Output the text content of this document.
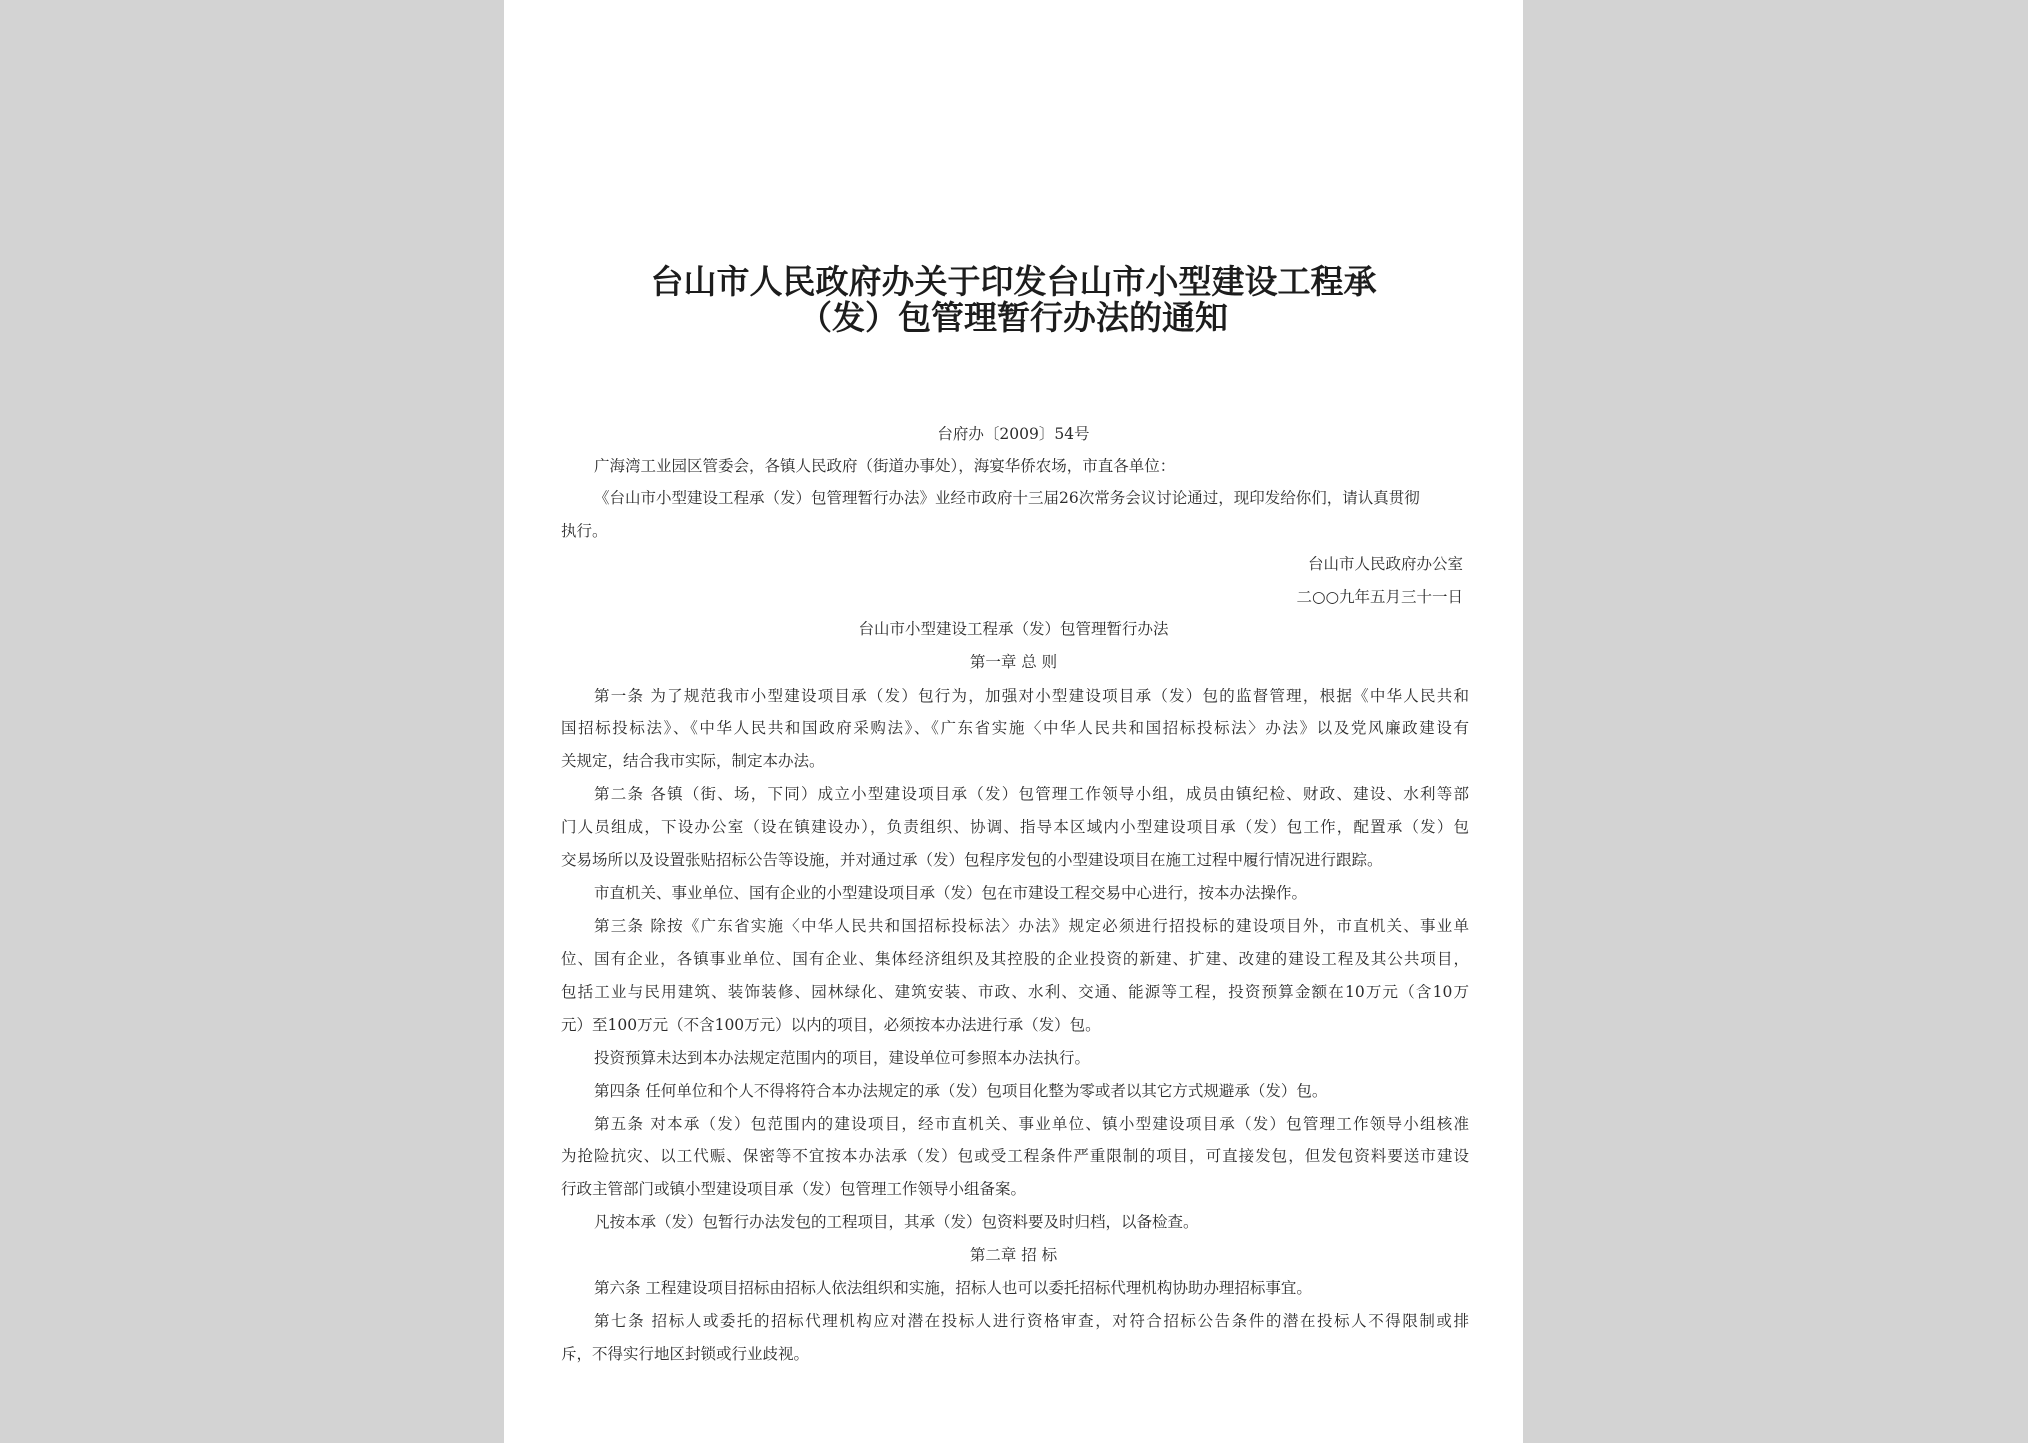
台山市人民政府办关于印发台山市小型建设工程承
（发）包管理暂行办法的通知
台府办〔2009〕54号
广海湾工业园区管委会，各镇人民政府（街道办事处），海宴华侨农场，市直各单位：
《台山市小型建设工程承（发）包管理暂行办法》业经市政府十三届26次常务会议讨论通过，现印发给你们，请认真贯彻
执行。
台山市人民政府办公室
二○○九年五月三十一日
台山市小型建设工程承（发）包管理暂行办法
第一章 总 则
第一条 为了规范我市小型建设项目承（发）包行为，加强对小型建设项目承（发）包的监督管理，根据《中华人民共和
国招标投标法》、《中华人民共和国政府采购法》、《广东省实施〈中华人民共和国招标投标法〉办法》以及党风廉政建设有
关规定，结合我市实际，制定本办法。
第二条 各镇（街、场，下同）成立小型建设项目承（发）包管理工作领导小组，成员由镇纪检、财政、建设、水利等部
门人员组成，下设办公室（设在镇建设办），负责组织、协调、指导本区域内小型建设项目承（发）包工作，配置承（发）包
交易场所以及设置张贴招标公告等设施，并对通过承（发）包程序发包的小型建设项目在施工过程中履行情况进行跟踪。
市直机关、事业单位、国有企业的小型建设项目承（发）包在市建设工程交易中心进行，按本办法操作。
第三条 除按《广东省实施〈中华人民共和国招标投标法〉办法》规定必须进行招投标的建设项目外，市直机关、事业单
位、国有企业，各镇事业单位、国有企业、集体经济组织及其控股的企业投资的新建、扩建、改建的建设工程及其公共项目，
包括工业与民用建筑、装饰装修、园林绿化、建筑安装、市政、水利、交通、能源等工程，投资预算金额在10万元（含10万
元）至100万元（不含100万元）以内的项目，必须按本办法进行承（发）包。
投资预算未达到本办法规定范围内的项目，建设单位可参照本办法执行。
第四条 任何单位和个人不得将符合本办法规定的承（发）包项目化整为零或者以其它方式规避承（发）包。
第五条 对本承（发）包范围内的建设项目，经市直机关、事业单位、镇小型建设项目承（发）包管理工作领导小组核准
为抢险抗灾、以工代赈、保密等不宜按本办法承（发）包或受工程条件严重限制的项目，可直接发包，但发包资料要送市建设
行政主管部门或镇小型建设项目承（发）包管理工作领导小组备案。
凡按本承（发）包暂行办法发包的工程项目，其承（发）包资料要及时归档，以备检查。
第二章 招 标
第六条 工程建设项目招标由招标人依法组织和实施，招标人也可以委托招标代理机构协助办理招标事宜。
第七条 招标人或委托的招标代理机构应对潜在投标人进行资格审查，对符合招标公告条件的潜在投标人不得限制或排
斥，不得实行地区封锁或行业歧视。
